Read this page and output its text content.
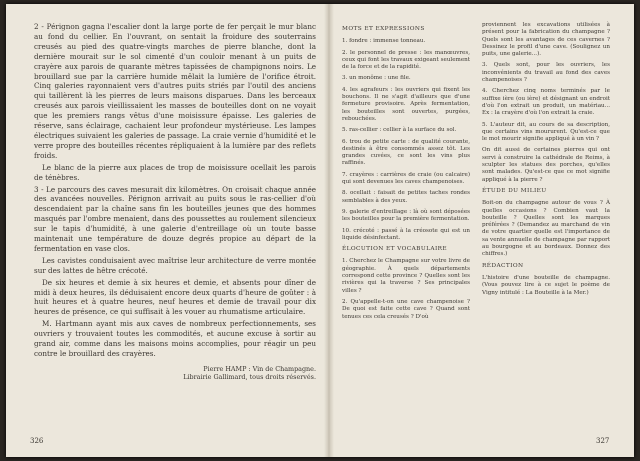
2 - Pérignon gagna l'escalier dont la large porte de fer perçait le mur blanc au fond du cellier. En l'ouvrant, on sentait la froidure des souterrains creusés au pied des quatre-vingts marches de pierre blanche, dont la dernière mourait sur le sol cimenté d'un couloir menant à un puits de crayère aux parois de quarante mètres tapissées de champignons noirs. Le brouillard sue par la carrière humide mêlait la lumière de l'orifice étroit. Cinq galeries rayonnaient vers d'autres puits striés par l'outil des anciens qui taillèrent là les pierres de leurs maisons disparues. Dans les berceaux creusés aux parois vieillissaient les masses de bouteilles dont on ne voyait que les premiers rangs vêtus d'une moisissure épaisse. Les galeries de réserve, sans éclairage, cachaient leur profondeur mystérieuse. Les lampes électriques suivaient les galeries de passage. La craie vernie d'humidité et le verre propre des bouteilles récentes répliquaient à la lumière par des reflets froids.

Le blanc de la pierre aux places de trop de moisissure ocellait les parois de ténèbres.

3 - Le parcours des caves mesurait dix kilomètres. On croisait chaque année des avancées nouvelles. Pérignon arrivait au puits sous le ras-cellier d'où descendaient par la chaîne sans fin les bouteilles jeunes que des hommes masqués par l'ombre menaient, dans des poussettes au roulement silencieux sur le tapis d'humidité, à une galerie d'entreillage où un toute basse maintenait une température de douze degrés propice au départ de la fermentation en vase clos.

Les cavistes conduisaient avec maîtrise leur architecture de verre montée sur des lattes de hêtre crécoté.

De six heures et demie à six heures et demie, et absents pour dîner de midi à deux heures, ils déduisaient encore deux quarts d'heure de goûter : à huit heures et à quatre heures, neuf heures et demie de travail pour dix heures de présence, ce qui suffisait à les vouer au rhumatisme articulaire.

M. Hartmann ayant mis aux caves de nombreux perfectionnements, ses ouvriers y trouvaient toutes les commodités, et aucune excuse à sortir au grand air, comme dans les maisons moins accomplies, pour réagir un peu contre le brouillard des crayères.

Pierre HAMP : Vin de Champagne.
Librairie Gallimard, tous droits réservés.
326
MOTS ET EXPRESSIONS
1. fondre : immense tonneau.
2. le personnel de presse : les manœuvres, ceux qui font les travaux exigeant seulement de la force et de la rapidité.
3. un monôme : une file.
4. les agrafeurs : les ouvriers qui fixent les bouchons. Il ne s'agit d'ailleurs que d'une fermeture provisoire. Après fermentation, les bouteilles sont ouvertes, purgées, rebouchées.
5. ras-cellier : cellier à la surface du sol.
6. trou de petite carte : de qualité courante, destinés à être consommés assez tôt. Les grandes cuvées, ce sont les vins plus raffinés.
7. crayères : carrières de craie (ou calcaire) qui sont devenues les caves champenoises.
8. ocellait : faisait de petites taches rondes semblables à des yeux.
9. galerie d'entreillage : là où sont déposées les bouteilles pour la première fermentation.
10. crécoté : passé à la créosote qui est un liquide désinfectant.
ÉLOCUTION ET VOCABULAIRE
1. Cherchez le Champagne sur votre livre de géographie. À quels départements correspond cette province ? Quelles sont les rivières qui la traverse ? Ses principales villes ?
2. Qu'appelle-t-on une cave champenoise ? De quoi est faite cette cave ? Quand sont tenues ces cela creusés ? D'où
proviennent les excavations utilisées à présent pour la fabrication du champagne ? Quels sont les avantages de ces cavernes ? Dessinez le profil d'une cave. (Soulignez un puits, une galerie...).
3. Quels sont, pour les ouvriers, les inconvénients du travail au fond des caves champenoises ?
4. Cherchez cinq noms terminés par le suffixe ière (ou ière) et désignant un endroit d'où l'on extrait un produit, un matériau... Ex : la crayère d'où l'on extrait la craie.
5. L'auteur dit, au cours de sa description, que certains vins moururent. Qu'est-ce que le mot mourir signifie appliqué à un vin ?
On dit aussi de certaines pierres qui ont servi à construire la cathédrale de Reims, à sculpter les statues des porches, qu'elles sont malades. Qu'est-ce que ce mot signifie appliqué à la pierre ?
ÉTUDE DU MILIEU
Boit-on du champagne autour de vous ? À quelles occasions ? Combien vaut la bouteille ? Quelles sont les marques préférées ? (Demandez au marchand de vin de votre quartier quelle est l'importance de sa vente annuelle de champagne par rapport au bourgogne et au bordeaux. Donnez des chiffres.)
RÉDACTION
L'histoire d'une bouteille de champagne. (Vous pouvez lire à ce sujet le poème de Vigny intitulé : La Bouteille à la Mer.)
327
